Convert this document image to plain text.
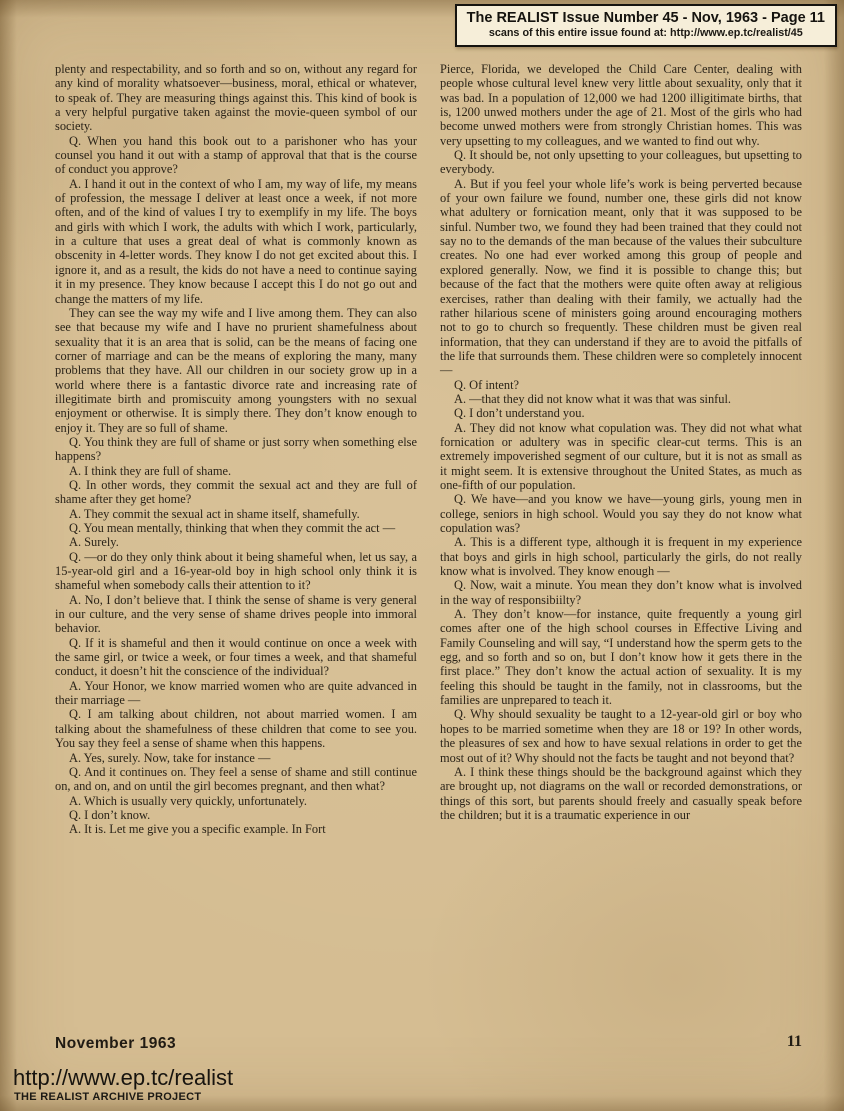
The REALIST Issue Number 45 - Nov, 1963 - Page 11
scans of this entire issue found at: http://www.ep.tc/realist/45

plenty and respectability, and so forth and so on, without any regard for any kind of morality whatsoever—business, moral, ethical or whatever, to speak of. They are measuring things against this. This kind of book is a very helpful purgative taken against the movie-queen symbol of our society.

Q. When you hand this book out to a parishoner who has your counsel you hand it out with a stamp of approval that that is the course of conduct you approve?

A. I hand it out in the context of who I am, my way of life, my means of profession, the message I deliver at least once a week, if not more often, and of the kind of values I try to exemplify in my life. The boys and girls with which I work, the adults with which I work, particularly, in a culture that uses a great deal of what is commonly known as obscenity in 4-letter words. They know I do not get excited about this. I ignore it, and as a result, the kids do not have a need to continue saying it in my presence. They know because I accept this I do not go out and change the matters of my life.

They can see the way my wife and I live among them. They can also see that because my wife and I have no prurient shamefulness about sexuality that it is an area that is solid, can be the means of facing one corner of marriage and can be the means of exploring the many, many problems that they have. All our children in our society grow up in a world where there is a fantastic divorce rate and increasing rate of illegitimate birth and promiscuity among youngsters with no sexual enjoyment or otherwise. It is simply there. They don’t know enough to enjoy it. They are so full of shame.

Q. You think they are full of shame or just sorry when something else happens?

A. I think they are full of shame.

Q. In other words, they commit the sexual act and they are full of shame after they get home?

A. They commit the sexual act in shame itself, shamefully.

Q. You mean mentally, thinking that when they commit the act —

A. Surely.

Q. —or do they only think about it being shameful when, let us say, a 15-year-old girl and a 16-year-old boy in high school only think it is shameful when somebody calls their attention to it?

A. No, I don’t believe that. I think the sense of shame is very general in our culture, and the very sense of shame drives people into immoral behavior.

Q. If it is shameful and then it would continue on once a week with the same girl, or twice a week, or four times a week, and that shameful conduct, it doesn’t hit the conscience of the individual?

A. Your Honor, we know married women who are quite advanced in their marriage —

Q. I am talking about children, not about married women. I am talking about the shamefulness of these children that come to see you. You say they feel a sense of shame when this happens.

A. Yes, surely. Now, take for instance —

Q. And it continues on. They feel a sense of shame and still continue on, and on, and on until the girl becomes pregnant, and then what?

A. Which is usually very quickly, unfortunately.

Q. I don’t know.

A. It is. Let me give you a specific example. In Fort

Pierce, Florida, we developed the Child Care Center, dealing with people whose cultural level knew very little about sexuality, only that it was bad. In a population of 12,000 we had 1200 illigitimate births, that is, 1200 unwed mothers under the age of 21. Most of the girls who had become unwed mothers were from strongly Christian homes. This was very upsetting to my colleagues, and we wanted to find out why.

Q. It should be, not only upsetting to your colleagues, but upsetting to everybody.

A. But if you feel your whole life’s work is being perverted because of your own failure we found, number one, these girls did not know what adultery or fornication meant, only that it was supposed to be sinful. Number two, we found they had been trained that they could not say no to the demands of the man because of the values their subculture creates. No one had ever worked among this group of people and explored generally. Now, we find it is possible to change this; but because of the fact that the mothers were quite often away at religious exercises, rather than dealing with their family, we actually had the rather hilarious scene of ministers going around encouraging mothers not to go to church so frequently. These children must be given real information, that they can understand if they are to avoid the pitfalls of the life that surrounds them. These children were so completely innocent —

Q. Of intent?

A. —that they did not know what it was that was sinful.

Q. I don’t understand you.

A. They did not know what copulation was. They did not what what fornication or adultery was in specific clear-cut terms. This is an extremely impoverished segment of our culture, but it is not as small as it might seem. It is extensive throughout the United States, as much as one-fifth of our population.

Q. We have—and you know we have—young girls, young men in college, seniors in high school. Would you say they do not know what copulation was?

A. This is a different type, although it is frequent in my experience that boys and girls in high school, particularly the girls, do not really know what is involved. They know enough —

Q. Now, wait a minute. You mean they don’t know what is involved in the way of responsibiilty?

A. They don’t know—for instance, quite frequently a young girl comes after one of the high school courses in Effective Living and Family Counseling and will say, “I understand how the sperm gets to the egg, and so forth and so on, but I don’t know how it gets there in the first place.” They don’t know the actual action of sexuality. It is my feeling this should be taught in the family, not in classrooms, but the families are unprepared to teach it.

Q. Why should sexuality be taught to a 12-year-old girl or boy who hopes to be married sometime when they are 18 or 19? In other words, the pleasures of sex and how to have sexual relations in order to get the most out of it? Why should not the facts be taught and not beyond that?

A. I think these things should be the background against which they are brought up, not diagrams on the wall or recorded demonstrations, or things of this sort, but parents should freely and casually speak before the children; but it is a traumatic experience in our

November 1963	11
http://www.ep.tc/realist
THE REALIST ARCHIVE PROJECT
